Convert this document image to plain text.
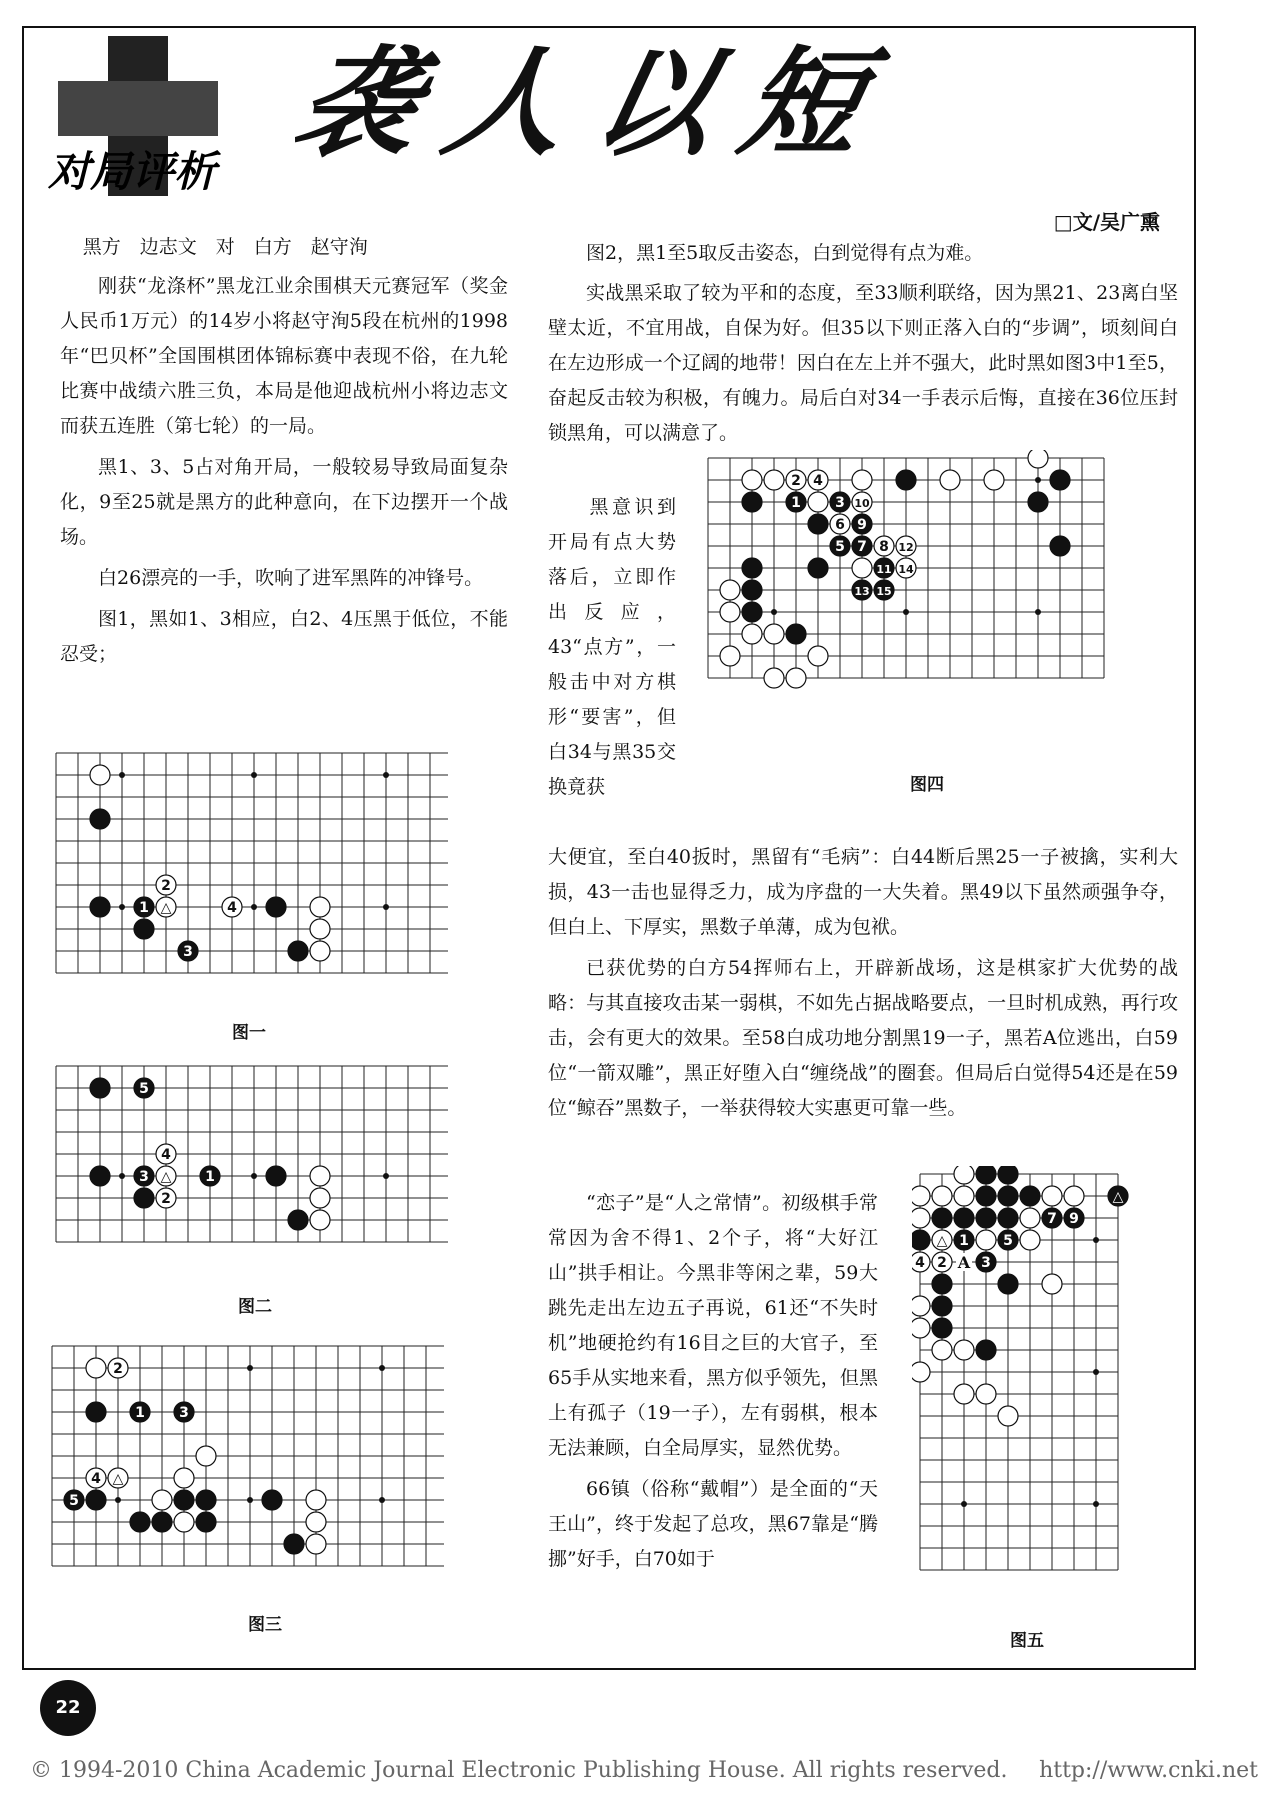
对局评析 袭人以短
□文/吴广熏

黑方　边志文　对　白方　赵守洵

刚获“龙涤杯”黑龙江业余围棋天元赛冠军（奖金人民币1万元）的14岁小将赵守洵5段在杭州的1998年“巴贝杯”全国围棋团体锦标赛中表现不俗，在九轮比赛中战绩六胜三负，本局是他迎战杭州小将边志文而获五连胜（第七轮）的一局。

黑1、3、5占对角开局，一般较易导致局面复杂化，9至25就是黑方的此种意向，在下边摆开一个战场。

白26漂亮的一手，吹响了进军黑阵的冲锋号。

图1，黑如1、3相应，白2、4压黑于低位，不能忍受；

图2，黑1至5取反击姿态，白到觉得有点为难。

实战黑采取了较为平和的态度，至33顺利联络，因为黑21、23离白坚壁太近，不宜用战，自保为好。但35以下则正落入白的“步调”，顷刻间白在左边形成一个辽阔的地带！因白在左上并不强大，此时黑如图3中1至5，奋起反击较为积极，有魄力。局后白对34一手表示后悔，直接在36位压封锁黑角，可以满意了。

黑意识到开局有点大势落后，立即作出反应，43“点方”，一般击中对方棋形“要害”，但白34与黑35交换竟获
2 4
1 3 10
6 9
5 7 8 12
11 14
13 15
图四

大便宜，至白40扳时，黑留有“毛病”：白44断后黑25一子被擒，实利大损，43一击也显得乏力，成为序盘的一大失着。黑49以下虽然顽强争夺，但白上、下厚实，黑数子单薄，成为包袱。

已获优势的白方54挥师右上，开辟新战场，这是棋家扩大优势的战略：与其直接攻击某一弱棋，不如先占据战略要点，一旦时机成熟，再行攻击，会有更大的效果。至58白成功地分割黑19一子，黑若A位逃出，白59位“一箭双雕”，黑正好堕入白“缠绕战”的圈套。但局后白觉得54还是在59位“鲸吞”黑数子，一举获得较大实惠更可靠一些。

“恋子”是“人之常情”。初级棋手常常因为舍不得1、2个子，将“大好江山”拱手相让。今黑非等闲之辈，59大跳先走出左边五子再说，61还“不失时机”地硬抢约有16目之巨的大官子，至65手从实地来看，黑方似乎领先，但黑上有孤子（19一子），左有弱棋，根本无法兼顾，白全局厚实，显然优势。

66镇（俗称“戴帽”）是全面的“天王山”，终于发起了总攻，黑67靠是“腾挪”好手，白70如于

△
7 9
△ 1 5
4 2 3
A
图五
1 △
2
4
3
图一
5
4
3 △ 1
2
图二
2
1 3
4 △
5
图三
22
© 1994-2010 China Academic Journal Electronic Publishing House. All rights reserved. http://www.cnki.net
